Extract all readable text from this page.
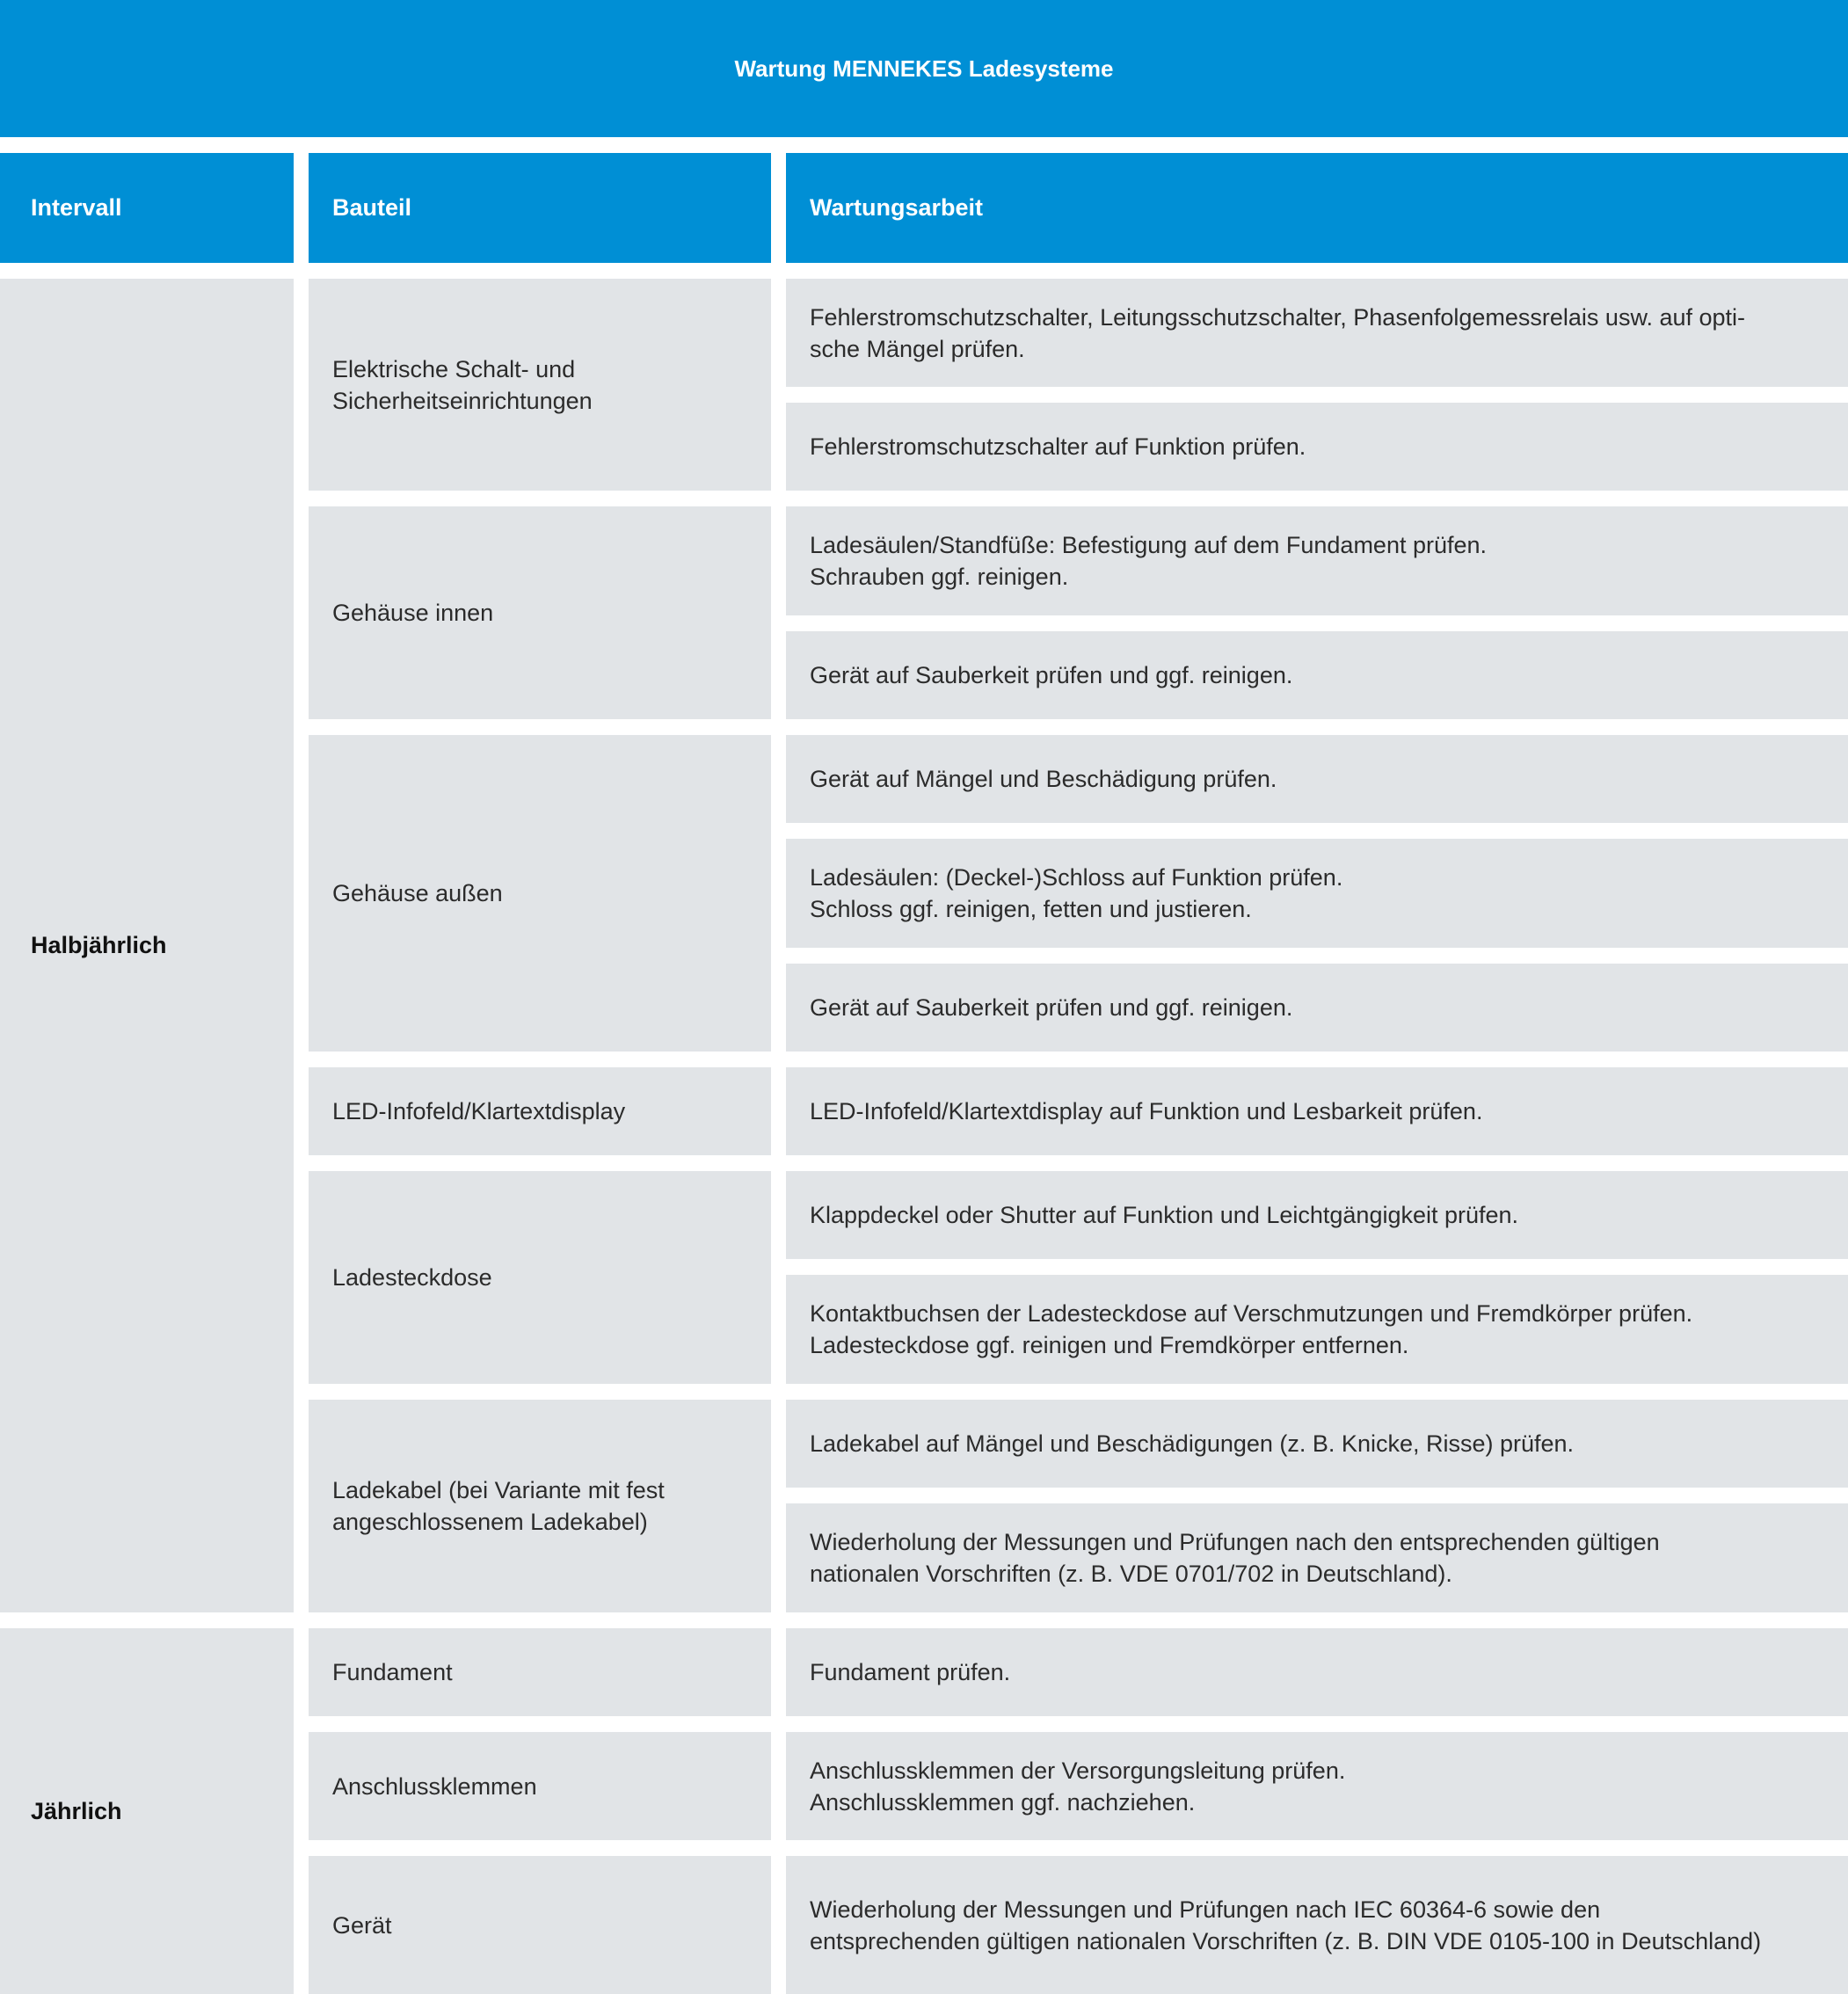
Wartung MENNEKES Ladesysteme
Intervall	Bauteil	Wartungsarbeit
Halbjährlich
Jährlich
Elektrische Schalt- und
Sicherheitseinrichtungen
Gehäuse innen
Gehäuse außen
LED-Infofeld/Klartextdisplay
Ladesteckdose
Ladekabel (bei Variante mit fest
angeschlossenem Ladekabel)
Fundament
Anschlussklemmen
Gerät
Fehlerstromschutzschalter, Leitungsschutzschalter, Phasenfolgemessrelais usw. auf opti-
sche Mängel prüfen.
Fehlerstromschutzschalter auf Funktion prüfen.
Ladesäulen/Standfüße: Befestigung auf dem Fundament prüfen.
Schrauben ggf. reinigen.
Gerät auf Sauberkeit prüfen und ggf. reinigen.
Gerät auf Mängel und Beschädigung prüfen.
Ladesäulen: (Deckel-)Schloss auf Funktion prüfen.
Schloss ggf. reinigen, fetten und justieren.
Gerät auf Sauberkeit prüfen und ggf. reinigen.
LED-Infofeld/Klartextdisplay auf Funktion und Lesbarkeit prüfen.
Klappdeckel oder Shutter auf Funktion und Leichtgängigkeit prüfen.
Kontaktbuchsen der Ladesteckdose auf Verschmutzungen und Fremdkörper prüfen.
Ladesteckdose ggf. reinigen und Fremdkörper entfernen.
Ladekabel auf Mängel und Beschädigungen (z. B. Knicke, Risse) prüfen.
Wiederholung der Messungen und Prüfungen nach den entsprechenden gültigen
nationalen Vorschriften (z. B. VDE 0701/702 in Deutschland).
Fundament prüfen.
Anschlussklemmen der Versorgungsleitung prüfen.
Anschlussklemmen ggf. nachziehen.
Wiederholung der Messungen und Prüfungen nach IEC 60364-6 sowie den
entsprechenden gültigen nationalen Vorschriften (z. B. DIN VDE 0105-100 in Deutschland)
